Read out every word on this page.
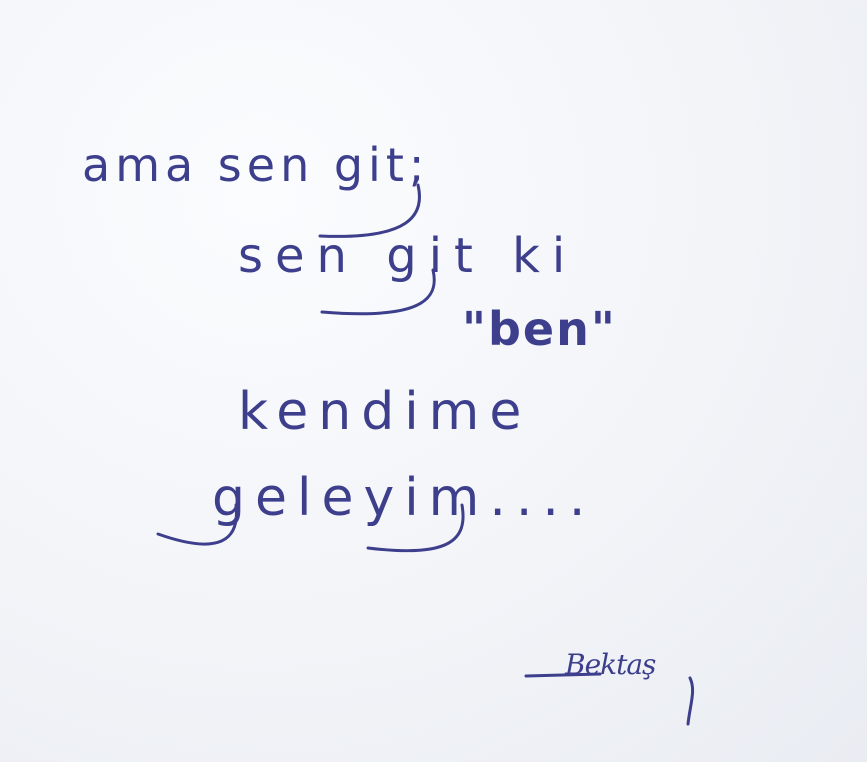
ama sen git;

sen git ki

"ben"

kendime

geleyim....

Bektaş
